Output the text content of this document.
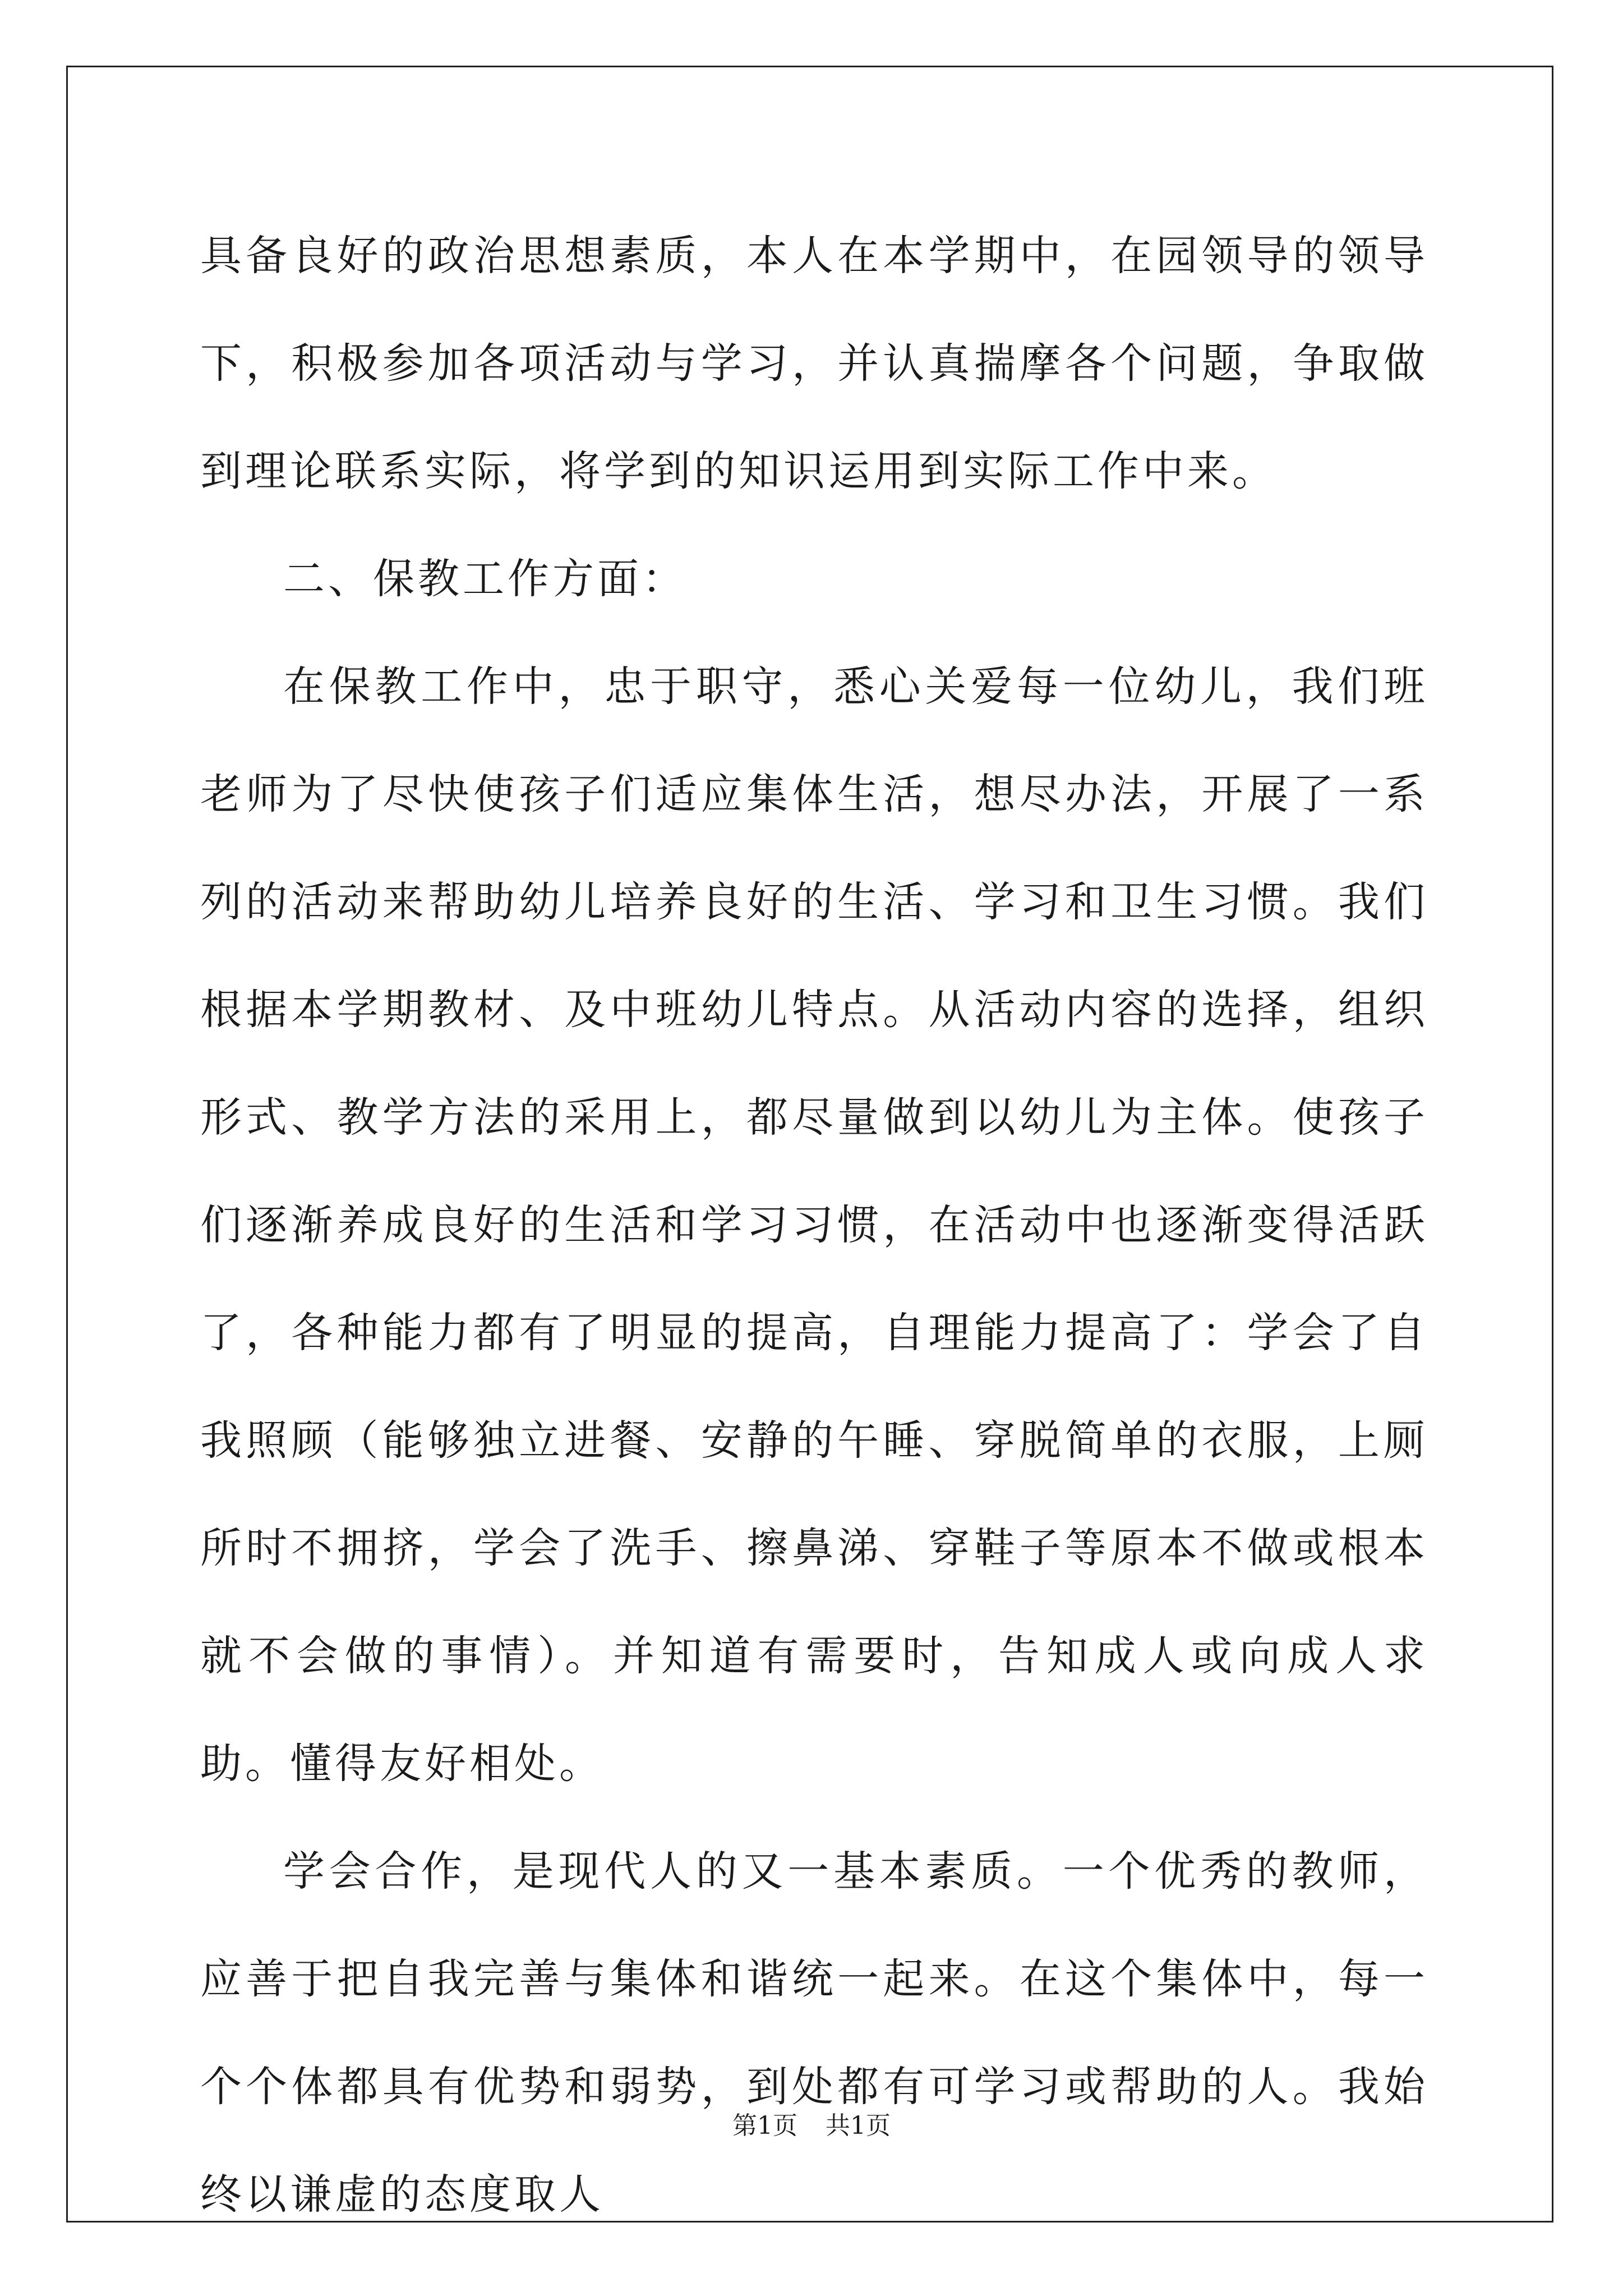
具备良好的政治思想素质，本人在本学期中，在园领导的领导下，积极参加各项活动与学习，并认真揣摩各个问题，争取做到理论联系实际，将学到的知识运用到实际工作中来。

二、保教工作方面：

在保教工作中，忠于职守，悉心关爱每一位幼儿，我们班老师为了尽快使孩子们适应集体生活，想尽办法，开展了一系列的活动来帮助幼儿培养良好的生活、学习和卫生习惯。我们根据本学期教材、及中班幼儿特点。从活动内容的选择，组织形式、教学方法的采用上，都尽量做到以幼儿为主体。使孩子们逐渐养成良好的生活和学习习惯，在活动中也逐渐变得活跃了，各种能力都有了明显的提高，自理能力提高了：学会了自我照顾（能够独立进餐、安静的午睡、穿脱简单的衣服，上厕所时不拥挤，学会了洗手、擦鼻涕、穿鞋子等原本不做或根本就不会做的事情）。并知道有需要时，告知成人或向成人求助。懂得友好相处。

学会合作，是现代人的又一基本素质。一个优秀的教师，应善于把自我完善与集体和谐统一起来。在这个集体中，每一个个体都具有优势和弱势，到处都有可学习或帮助的人。我始终以谦虚的态度取人

第1页 共1页
